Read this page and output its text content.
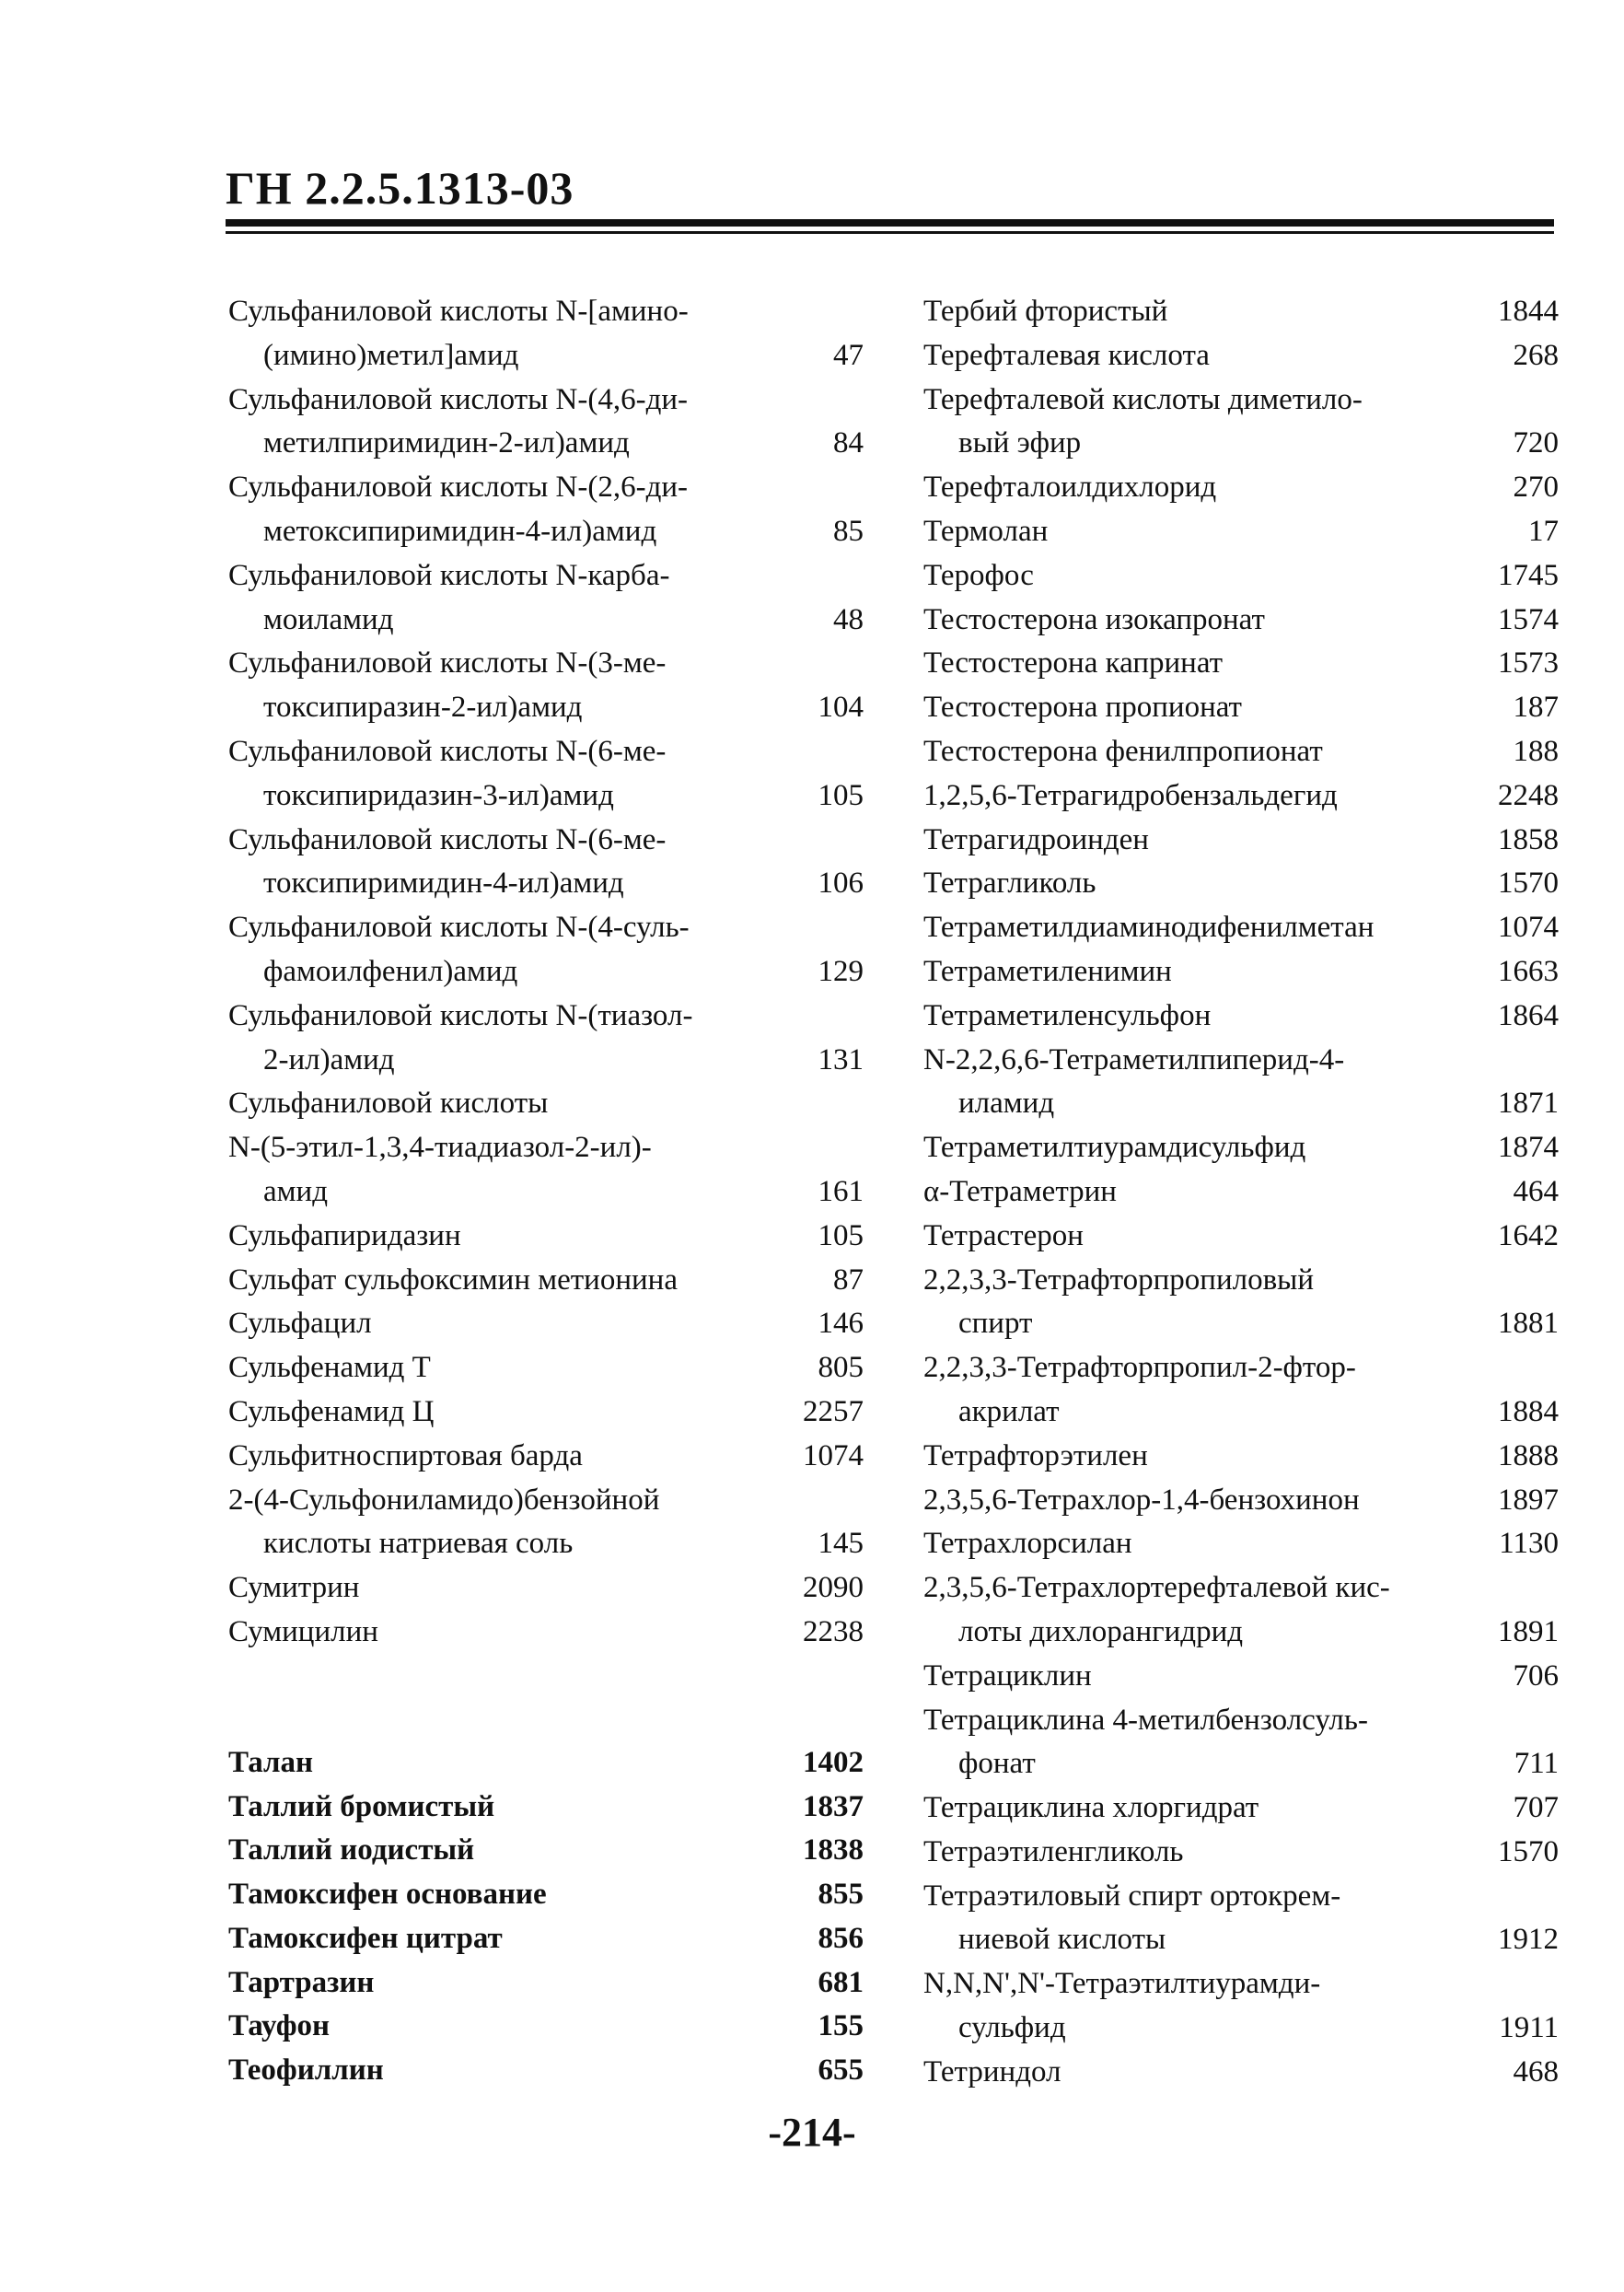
ГН 2.2.5.1313-03
Сульфаниловой кислоты N-[амино-
(имино)метил]амид	47
Сульфаниловой кислоты N-(4,6-ди-
метилпиримидин-2-ил)амид	84
Сульфаниловой кислоты N-(2,6-ди-
метоксипиримидин-4-ил)амид	85
Сульфаниловой кислоты N-карба-
моиламид	48
Сульфаниловой кислоты N-(3-ме-
токсипиразин-2-ил)амид	104
Сульфаниловой кислоты N-(6-ме-
токсипиридазин-3-ил)амид	105
Сульфаниловой кислоты N-(6-ме-
токсипиримидин-4-ил)амид	106
Сульфаниловой кислоты N-(4-суль-
фамоилфенил)амид	129
Сульфаниловой кислоты N-(тиазол-
2-ил)амид	131
Сульфаниловой кислоты
N-(5-этил-1,3,4-тиадиазол-2-ил)-
амид	161
Сульфапиридазин	105
Сульфат сульфоксимин метионина	87
Сульфацил	146
Сульфенамид Т	805
Сульфенамид Ц	2257
Сульфитноспиртовая барда	1074
2-(4-Сульфониламидо)бензойной
кислоты натриевая соль	145
Сумитрин	2090
Сумицилин	2238
Талан	1402
Таллий бромистый	1837
Таллий иодистый	1838
Тамоксифен основание	855
Тамоксифен цитрат	856
Тартразин	681
Тауфон	155
Теофиллин	655
Тербий фтористый	1844
Терефталевая кислота	268
Терефталевой кислоты диметило-
вый эфир	720
Терефталоилдихлорид	270
Термолан	17
Терофос	1745
Тестостерона изокапронат	1574
Тестостерона капринат	1573
Тестостерона пропионат	187
Тестостерона фенилпропионат	188
1,2,5,6-Тетрагидробензальдегид	2248
Тетрагидроинден	1858
Тетрагликоль	1570
Тетраметилдиаминодифенилметан	1074
Тетраметиленимин	1663
Тетраметиленсульфон	1864
N-2,2,6,6-Тетраметилпиперид-4-
иламид	1871
Тетраметилтиурамдисульфид	1874
α-Тетраметрин	464
Тетрастерон	1642
2,2,3,3-Тетрафторпропиловый
спирт	1881
2,2,3,3-Тетрафторпропил-2-фтор-
акрилат	1884
Тетрафторэтилен	1888
2,3,5,6-Тетрахлор-1,4-бензохинон	1897
Тетрахлорсилан	1130
2,3,5,6-Тетрахлортерефталевой кис-
лоты дихлорангидрид	1891
Тетрациклин	706
Тетрациклина 4-метилбензолсуль-
фонат	711
Тетрациклина хлоргидрат	707
Тетраэтиленгликоль	1570
Тетраэтиловый спирт ортокрем-
ниевой кислоты	1912
N,N,N',N'-Тетраэтилтиурамди-
сульфид	1911
Тетриндол	468
-214-
